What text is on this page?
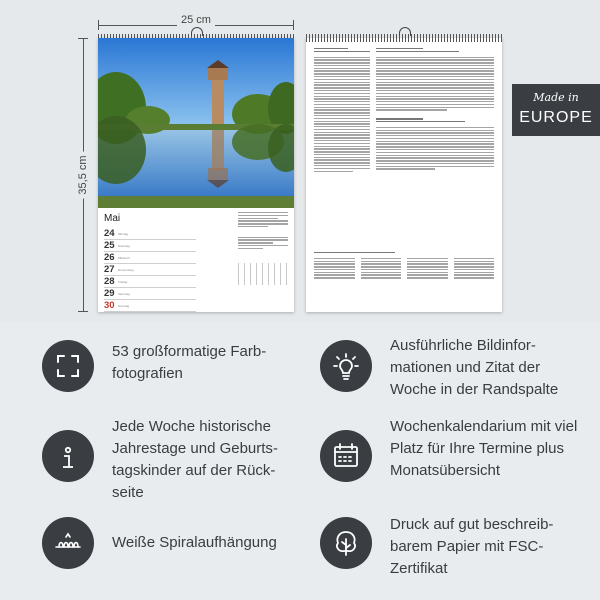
25 cm
35,5 cm
Mai
24 Montag
25 Dienstag
26 Mittwoch
27 Donnerstag
28 Freitag
29 Samstag
30 Sonntag
Made in
EUROPE
53 großformatige Farbfotografien
Ausführliche Bildinformationen und Zitat der Woche in der Randspalte
Jede Woche historische Jahrestage und Geburtstagskinder auf der Rückseite
Wochenkalendarium mit viel Platz für Ihre Termine plus Monatsübersicht
Weiße Spiralaufhängung
Druck auf gut beschreibbarem Papier mit FSC-Zertifikat
